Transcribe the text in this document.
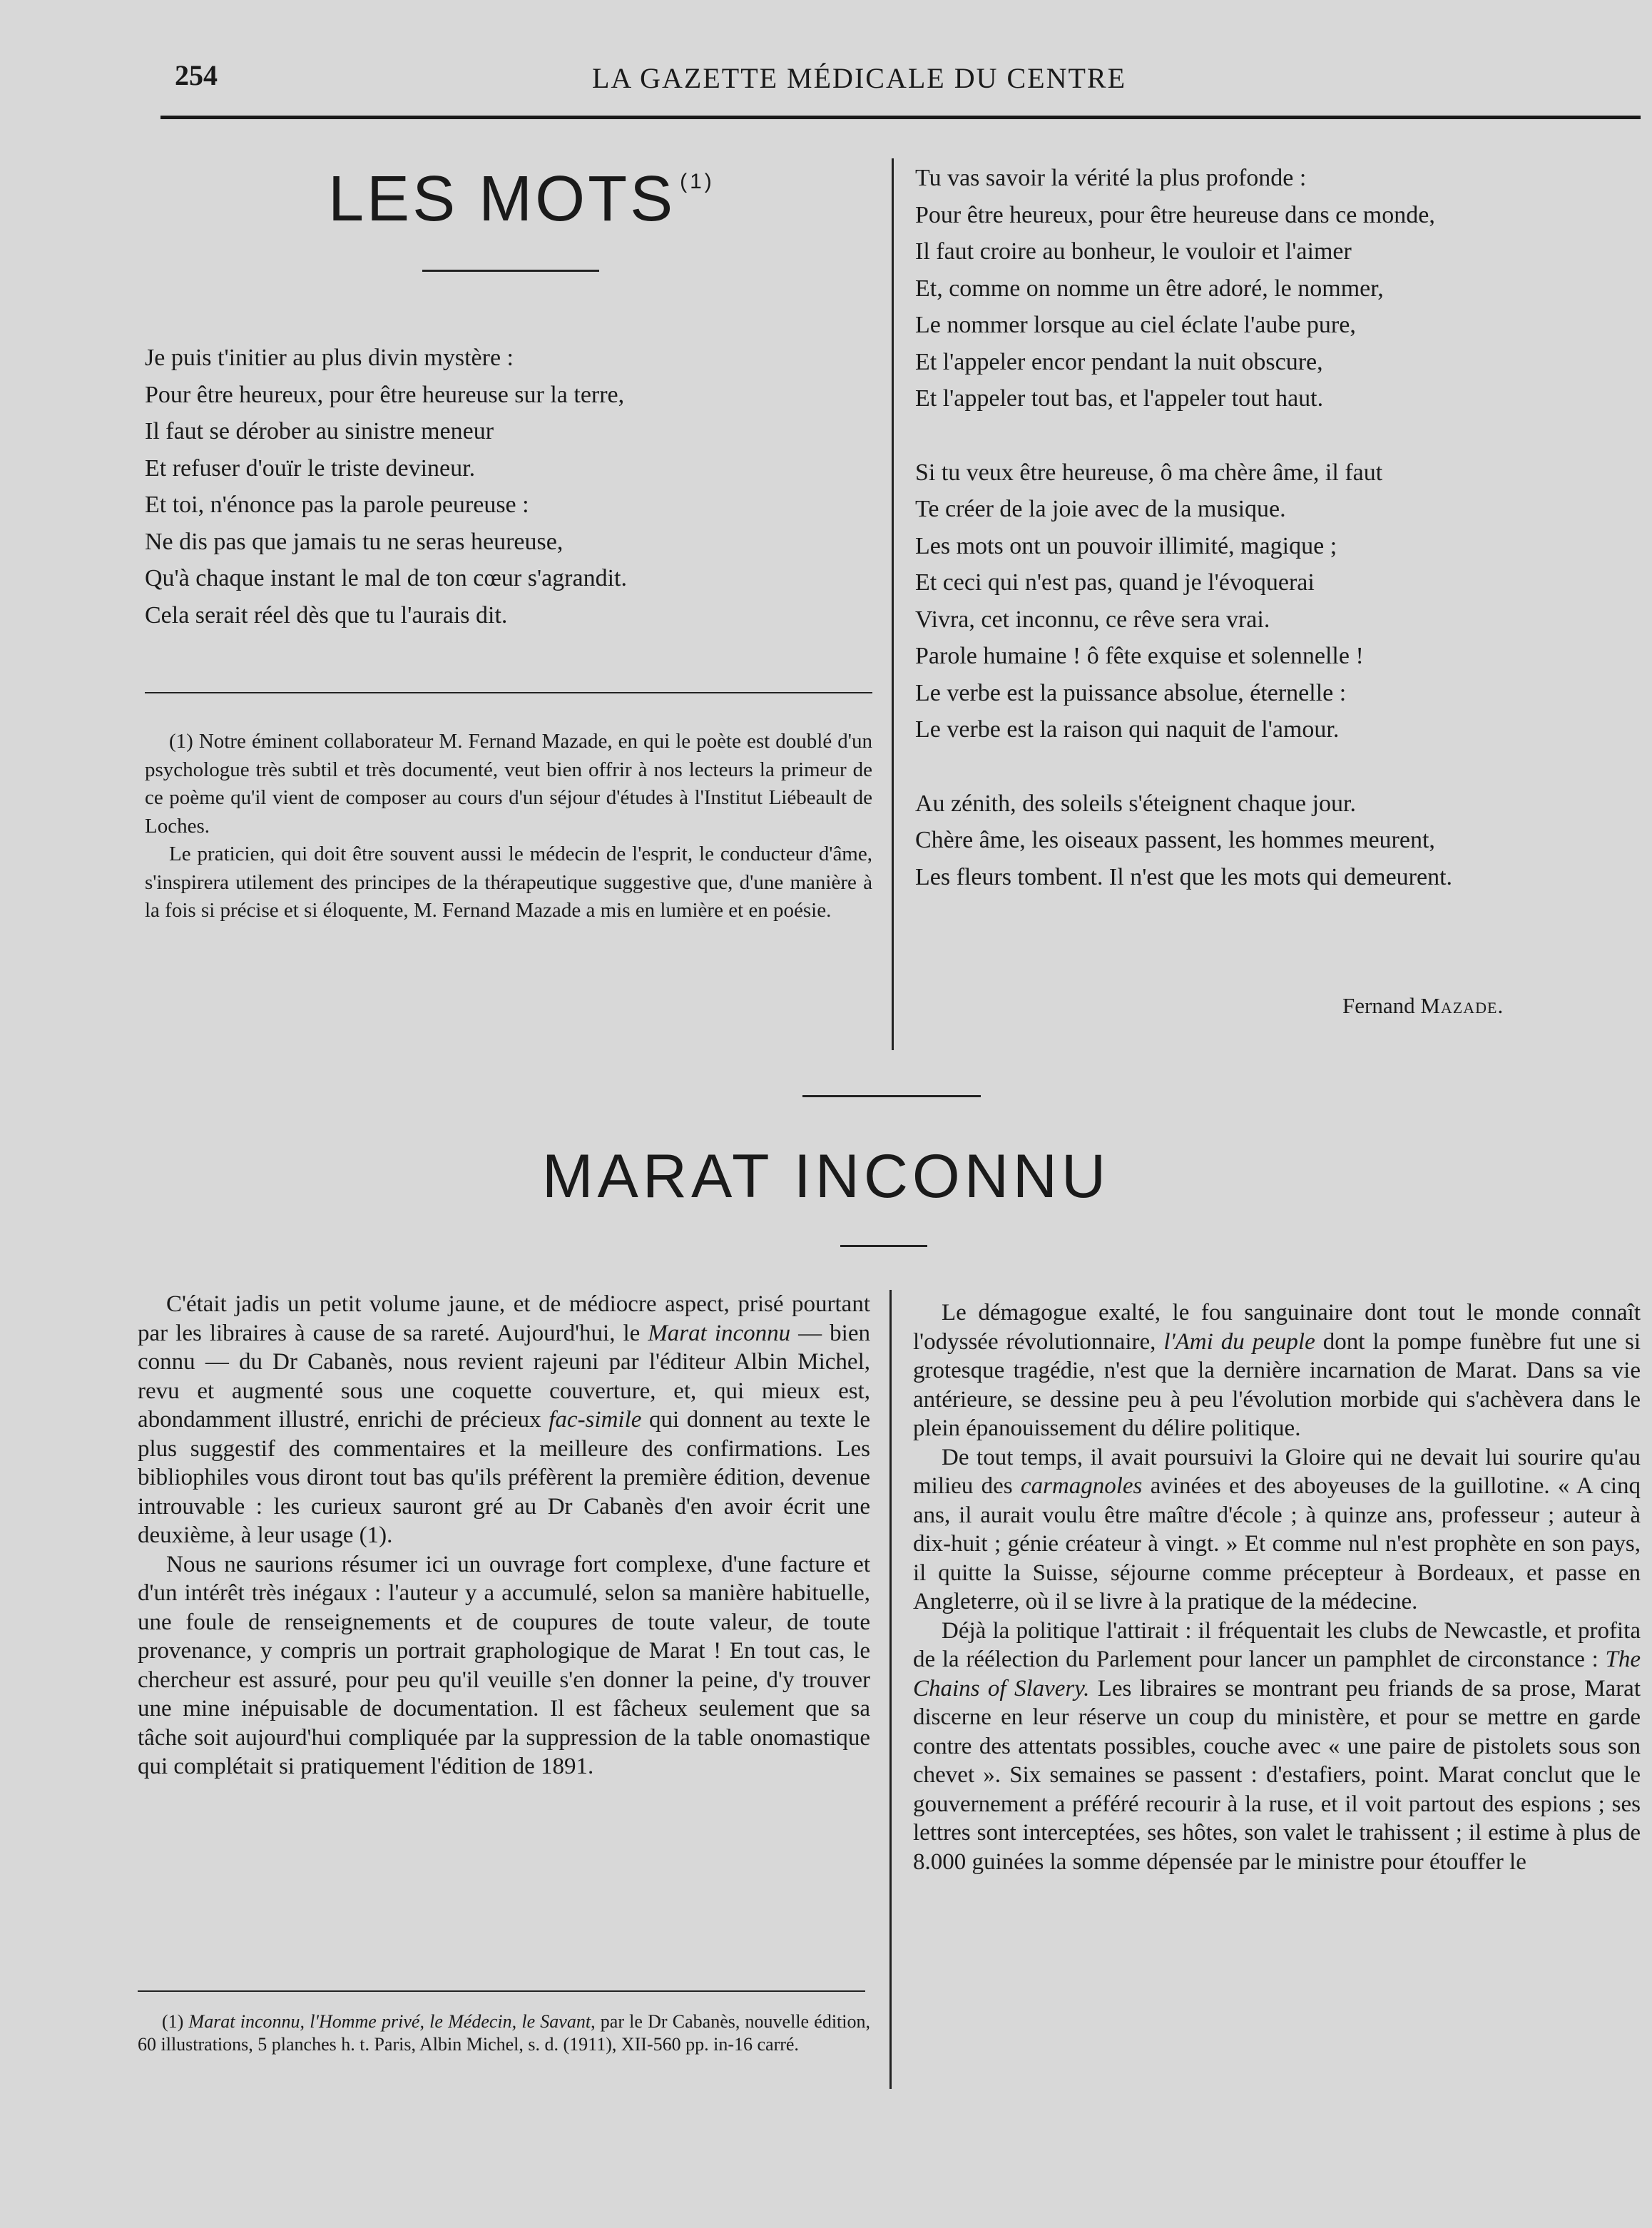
254	LA GAZETTE MÉDICALE DU CENTRE
LES MOTS $^{(1)}$
Je puis t'initier au plus divin mystère :
Pour être heureux, pour être heureuse sur la terre,
Il faut se dérober au sinistre meneur
Et refuser d'ouïr le triste devineur.
Et toi, n'énonce pas la parole peureuse :
Ne dis pas que jamais tu ne seras heureuse,
Qu'à chaque instant le mal de ton cœur s'agrandit.
Cela serait réel dès que tu l'aurais dit.

(1) Notre éminent collaborateur M. Fernand Mazade, en qui le poète est doublé d'un psychologue très subtil et très documenté, veut bien offrir à nos lecteurs la primeur de ce poème qu'il vient de composer au cours d'un séjour d'études à l'Institut Liébeault de Loches.

Le praticien, qui doit être souvent aussi le médecin de l'esprit, le conducteur d'âme, s'inspirera utilement des principes de la thérapeutique suggestive que, d'une manière à la fois si précise et si éloquente, M. Fernand Mazade a mis en lumière et en poésie.

Tu vas savoir la vérité la plus profonde :
Pour être heureux, pour être heureuse dans ce monde,
Il faut croire au bonheur, le vouloir et l'aimer
Et, comme on nomme un être adoré, le nommer,
Le nommer lorsque au ciel éclate l'aube pure,
Et l'appeler encor pendant la nuit obscure,
Et l'appeler tout bas, et l'appeler tout haut.
Si tu veux être heureuse, ô ma chère âme, il faut
Te créer de la joie avec de la musique.
Les mots ont un pouvoir illimité, magique ;
Et ceci qui n'est pas, quand je l'évoquerai
Vivra, cet inconnu, ce rêve sera vrai.
Parole humaine ! ô fête exquise et solennelle !
Le verbe est la puissance absolue, éternelle :
Le verbe est la raison qui naquit de l'amour.
Au zénith, des soleils s'éteignent chaque jour.
Chère âme, les oiseaux passent, les hommes meurent,
Les fleurs tombent. Il n'est que les mots qui demeurent.
Fernand Mazade.
MARAT INCONNU

C'était jadis un petit volume jaune, et de médiocre aspect, prisé pourtant par les libraires à cause de sa rareté. Aujourd'hui, le Marat inconnu — bien connu — du Dr Cabanès, nous revient rajeuni par l'éditeur Albin Michel, revu et augmenté sous une coquette couverture, et, qui mieux est, abondamment illustré, enrichi de précieux fac-simile qui donnent au texte le plus suggestif des commentaires et la meilleure des confirmations. Les bibliophiles vous diront tout bas qu'ils préfèrent la première édition, devenue introuvable : les curieux sauront gré au Dr Cabanès d'en avoir écrit une deuxième, à leur usage (1).

Nous ne saurions résumer ici un ouvrage fort complexe, d'une facture et d'un intérêt très inégaux : l'auteur y a accumulé, selon sa manière habituelle, une foule de renseignements et de coupures de toute valeur, de toute provenance, y compris un portrait graphologique de Marat ! En tout cas, le chercheur est assuré, pour peu qu'il veuille s'en donner la peine, d'y trouver une mine inépuisable de documentation. Il est fâcheux seulement que sa tâche soit aujourd'hui compliquée par la suppression de la table onomastique qui complétait si pratiquement l'édition de 1891.

(1) Marat inconnu, l'Homme privé, le Médecin, le Savant, par le Dr Cabanès, nouvelle édition, 60 illustrations, 5 planches h. t. Paris, Albin Michel, s. d. (1911), XII-560 pp. in-16 carré.

Le démagogue exalté, le fou sanguinaire dont tout le monde connaît l'odyssée révolutionnaire, l'Ami du peuple dont la pompe funèbre fut une si grotesque tragédie, n'est que la dernière incarnation de Marat. Dans sa vie antérieure, se dessine peu à peu l'évolution morbide qui s'achèvera dans le plein épanouissement du délire politique.

De tout temps, il avait poursuivi la Gloire qui ne devait lui sourire qu'au milieu des carmagnoles avinées et des aboyeuses de la guillotine. « A cinq ans, il aurait voulu être maître d'école ; à quinze ans, professeur ; auteur à dix-huit ; génie créateur à vingt. » Et comme nul n'est prophète en son pays, il quitte la Suisse, séjourne comme précepteur à Bordeaux, et passe en Angleterre, où il se livre à la pratique de la médecine.

Déjà la politique l'attirait : il fréquentait les clubs de Newcastle, et profita de la réélection du Parlement pour lancer un pamphlet de circonstance : The Chains of Slavery. Les libraires se montrant peu friands de sa prose, Marat discerne en leur réserve un coup du ministère, et pour se mettre en garde contre des attentats possibles, couche avec « une paire de pistolets sous son chevet ». Six semaines se passent : d'estafiers, point. Marat conclut que le gouvernement a préféré recourir à la ruse, et il voit partout des espions ; ses lettres sont interceptées, ses hôtes, son valet le trahissent ; il estime à plus de 8.000 guinées la somme dépensée par le ministre pour étouffer le
